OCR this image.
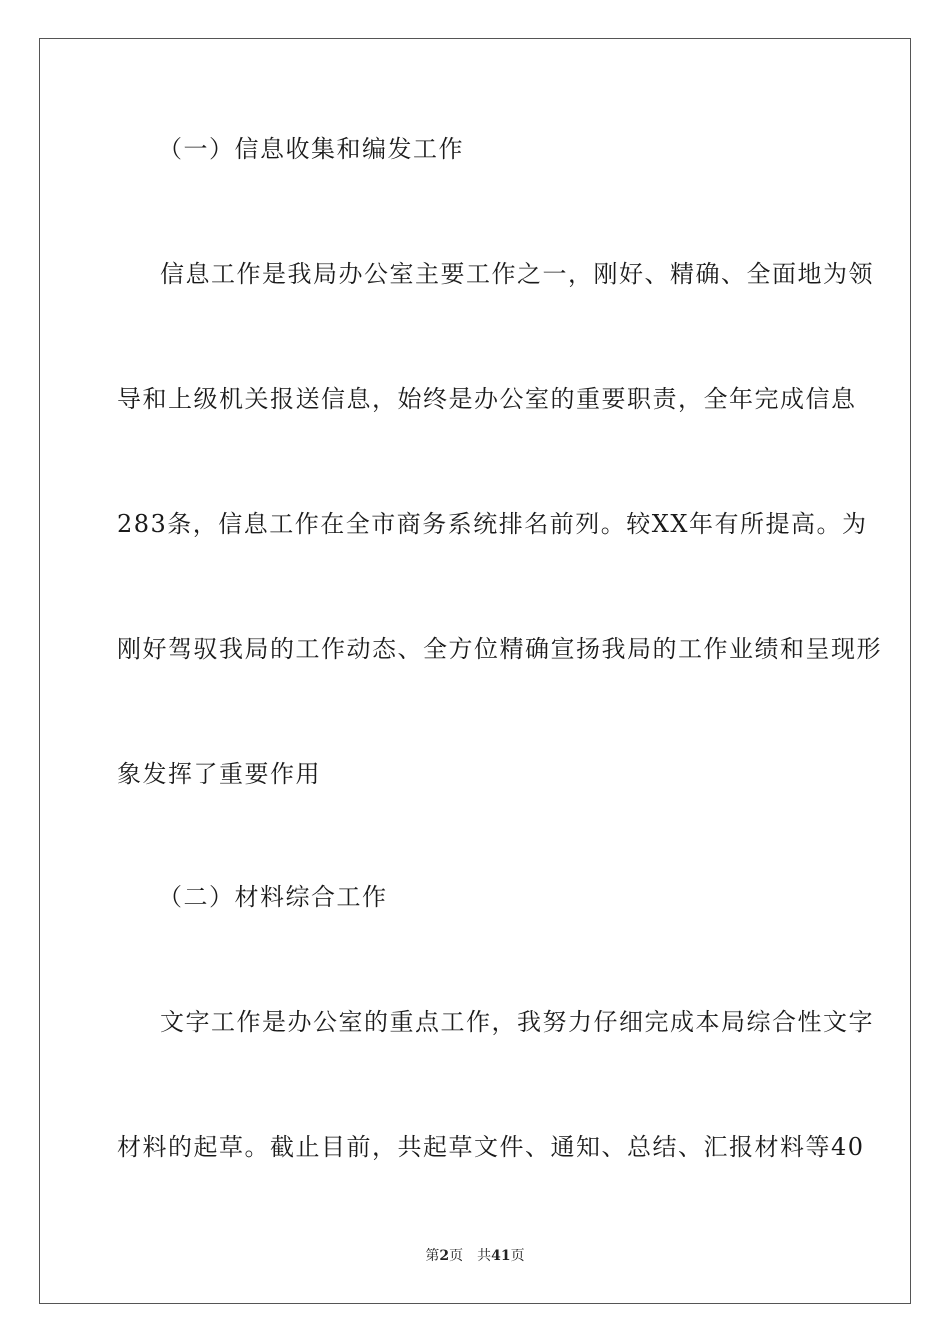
（一）信息收集和编发工作
信息工作是我局办公室主要工作之一，刚好、精确、全面地为领
导和上级机关报送信息，始终是办公室的重要职责，全年完成信息
283条，信息工作在全市商务系统排名前列。较XX年有所提高。为
刚好驾驭我局的工作动态、全方位精确宣扬我局的工作业绩和呈现形
象发挥了重要作用
（二）材料综合工作
文字工作是办公室的重点工作，我努力仔细完成本局综合性文字
材料的起草。截止目前，共起草文件、通知、总结、汇报材料等40
第2页　共41页
